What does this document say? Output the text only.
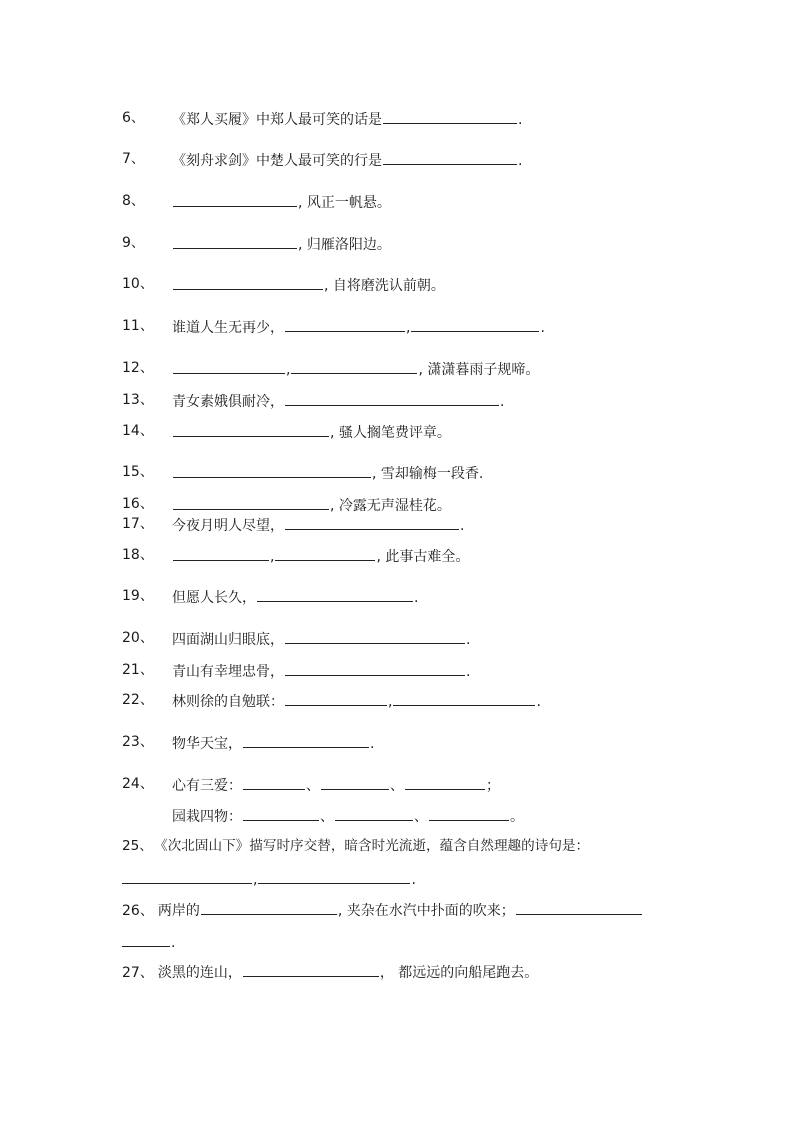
6、 《郑人买履》中郑人最可笑的话是	.
7、 《刻舟求剑》中楚人最可笑的行是	.
8、	, 风正一帆悬。
9、	, 归雁洛阳边。
10、	, 自将磨洗认前朝。
11、 谁道人生无再少，	,	.
12、	,	, 潇潇暮雨子规啼。
13、 青女素娥俱耐冷，	.
14、	, 骚人搁笔费评章。
15、	, 雪却输梅一段香.
16、	, 冷露无声湿桂花。
17、 今夜月明人尽望，	.
18、	,	, 此事古难全。
19、 但愿人长久，	.
20、 四面湖山归眼底，	.
21、 青山有幸埋忠骨，	.
22、 林则徐的自勉联：	,	.
23、 物华天宝，	.
24、 心有三爱：	、	、	；
园栽四物：	、	、	。
25、 《次北固山下》描写时序交替，暗含时光流逝，蕴含自然理趣的诗句是：
,	.
26、 两岸的	, 夹杂在水汽中扑面的吹来；
.
27、 淡黑的连山，	， 都远远的向船尾跑去。
